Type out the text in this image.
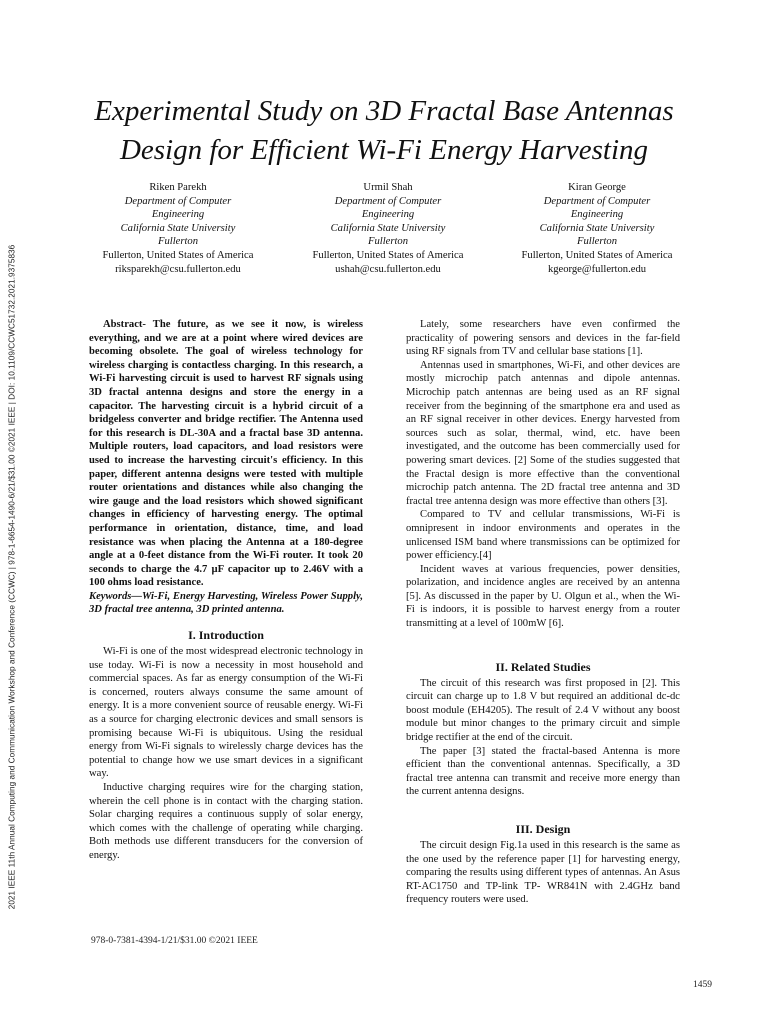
2021 IEEE 11th Annual Computing and Communication Workshop and Conference (CCWC) | 978-1-6654-1490-6/21/$31.00 ©2021 IEEE | DOI: 10.1109/CCWC51732.2021.9375836
Experimental Study on 3D Fractal Base Antennas
Design for Efficient Wi-Fi Energy Harvesting
Riken Parekh
Department of Computer
Engineering
California State University
Fullerton
Fullerton, United States of America
riksparekh@csu.fullerton.edu
Urmil Shah
Department of Computer
Engineering
California State University
Fullerton
Fullerton, United States of America
ushah@csu.fullerton.edu
Kiran George
Department of Computer
Engineering
California State University
Fullerton
Fullerton, United States of America
kgeorge@fullerton.edu

Abstract- The future, as we see it now, is wireless everything, and we are at a point where wired devices are becoming obsolete. The goal of wireless technology for wireless charging is contactless charging. In this research, a Wi-Fi harvesting circuit is used to harvest RF signals using 3D fractal antenna designs and store the energy in a capacitor. The harvesting circuit is a hybrid circuit of a bridgeless converter and bridge rectifier. The Antenna used for this research is DL-30A and a fractal base 3D antenna. Multiple routers, load capacitors, and load resistors were used to increase the harvesting circuit's efficiency. In this paper, different antenna designs were tested with multiple router orientations and distances while also changing the wire gauge and the load resistors which showed significant changes in efficiency of harvesting energy. The optimal performance in orientation, distance, time, and load resistance was when placing the Antenna at a 180-degree angle at a 0-feet distance from the Wi-Fi router. It took 20 seconds to charge the 4.7 µF capacitor up to 2.46V with a 100 ohms load resistance.

Keywords—Wi-Fi, Energy Harvesting, Wireless Power Supply, 3D fractal tree antenna, 3D printed antenna.

I. Introduction

Wi-Fi is one of the most widespread electronic technology in use today. Wi-Fi is now a necessity in most household and commercial spaces. As far as energy consumption of the Wi-Fi is concerned, routers always consume the same amount of energy. It is a more convenient source of reusable energy. Wi-Fi as a source for charging electronic devices and small sensors is promising because Wi-Fi is ubiquitous. Using the residual energy from Wi-Fi signals to wirelessly charge devices has the potential to change how we use smart devices in a significant way.

Inductive charging requires wire for the charging station, wherein the cell phone is in contact with the charging station. Solar charging requires a continuous supply of solar energy, which comes with the challenge of operating while charging. Both methods use different transducers for the conversion of energy.

Lately, some researchers have even confirmed the practicality of powering sensors and devices in the far-field using RF signals from TV and cellular base stations [1].

Antennas used in smartphones, Wi-Fi, and other devices are mostly microchip patch antennas and dipole antennas. Microchip patch antennas are being used as an RF signal receiver from the beginning of the smartphone era and used as an RF signal receiver in other devices. Energy harvested from sources such as solar, thermal, wind, etc. have been investigated, and the outcome has been commercially used for powering smart devices. [2] Some of the studies suggested that the Fractal design is more effective than the conventional microchip patch antenna. The 2D fractal tree antenna and 3D fractal tree antenna design was more effective than others [3].

Compared to TV and cellular transmissions, Wi-Fi is omnipresent in indoor environments and operates in the unlicensed ISM band where transmissions can be optimized for power efficiency.[4]

Incident waves at various frequencies, power densities, polarization, and incidence angles are received by an antenna [5]. As discussed in the paper by U. Olgun et al., when the Wi-Fi is indoors, it is possible to harvest energy from a router transmitting at a level of 100mW [6].

II. Related Studies

The circuit of this research was first proposed in [2]. This circuit can charge up to 1.8 V but required an additional dc-dc boost module (EH4205). The result of 2.4 V without any boost module but minor changes to the primary circuit and simple bridge rectifier at the end of the circuit.

The paper [3] stated the fractal-based Antenna is more efficient than the conventional antennas. Specifically, a 3D fractal tree antenna can transmit and receive more energy than the current antenna designs.

III. Design

The circuit design Fig.1a used in this research is the same as the one used by the reference paper [1] for harvesting energy, comparing the results using different types of antennas. An Asus RT-AC1750 and TP-link TP- WR841N with 2.4GHz band frequency routers were used.

978-0-7381-4394-1/21/$31.00 ©2021 IEEE
1459
